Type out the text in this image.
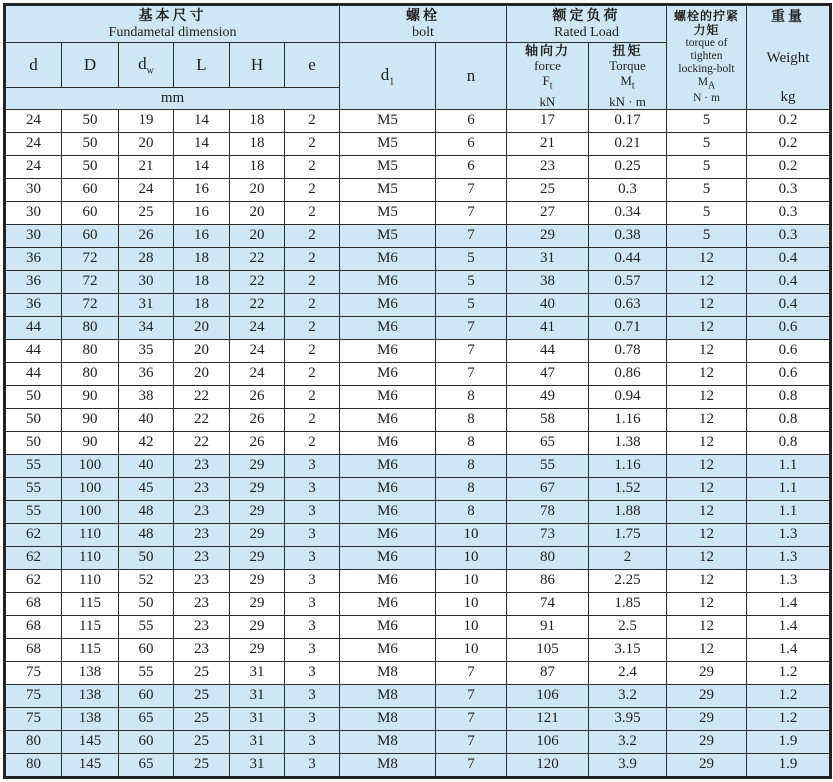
基本尺寸
Fundametal dimension

螺栓
bolt

额定负荷
Rated Load

螺栓的拧紧
力矩
torque of
tighten
locking-bolt
$M_A$
N · m

重量
Weight
kg

d	D	$d_w$	L	H	e	$d_1$	n	
轴向力
force
$F_t$
kN

扭矩
Torque
$M_t$
kN · m

mm											
24	50	19	14	18	2	M5	6	17	0.17	5	0.2
24	50	20	14	18	2	M5	6	21	0.21	5	0.2
24	50	21	14	18	2	M5	6	23	0.25	5	0.2
30	60	24	16	20	2	M5	7	25	0.3	5	0.3
30	60	25	16	20	2	M5	7	27	0.34	5	0.3
30	60	26	16	20	2	M5	7	29	0.38	5	0.3
36	72	28	18	22	2	M6	5	31	0.44	12	0.4
36	72	30	18	22	2	M6	5	38	0.57	12	0.4
36	72	31	18	22	2	M6	5	40	0.63	12	0.4
44	80	34	20	24	2	M6	7	41	0.71	12	0.6
44	80	35	20	24	2	M6	7	44	0.78	12	0.6
44	80	36	20	24	2	M6	7	47	0.86	12	0.6
50	90	38	22	26	2	M6	8	49	0.94	12	0.8
50	90	40	22	26	2	M6	8	58	1.16	12	0.8
50	90	42	22	26	2	M6	8	65	1.38	12	0.8
55	100	40	23	29	3	M6	8	55	1.16	12	1.1
55	100	45	23	29	3	M6	8	67	1.52	12	1.1
55	100	48	23	29	3	M6	8	78	1.88	12	1.1
62	110	48	23	29	3	M6	10	73	1.75	12	1.3
62	110	50	23	29	3	M6	10	80	2	12	1.3
62	110	52	23	29	3	M6	10	86	2.25	12	1.3
68	115	50	23	29	3	M6	10	74	1.85	12	1.4
68	115	55	23	29	3	M6	10	91	2.5	12	1.4
68	115	60	23	29	3	M6	10	105	3.15	12	1.4
75	138	55	25	31	3	M8	7	87	2.4	29	1.2
75	138	60	25	31	3	M8	7	106	3.2	29	1.2
75	138	65	25	31	3	M8	7	121	3.95	29	1.2
80	145	60	25	31	3	M8	7	106	3.2	29	1.9
80	145	65	25	31	3	M8	7	120	3.9	29	1.9
